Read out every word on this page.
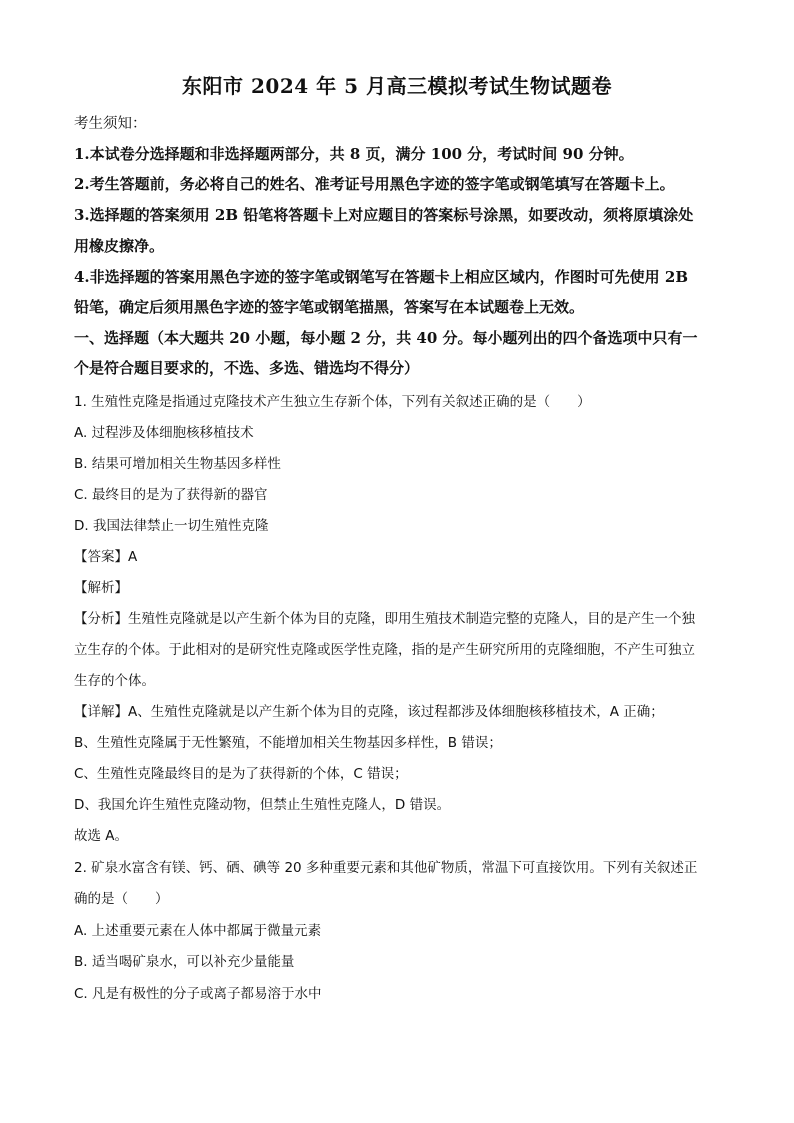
东阳市 2024 年 5 月高三模拟考试生物试题卷
考生须知：
1.本试卷分选择题和非选择题两部分，共 8 页，满分 100 分，考试时间 90 分钟。
2.考生答题前，务必将自己的姓名、准考证号用黑色字迹的签字笔或钢笔填写在答题卡上。
3.选择题的答案须用 2B 铅笔将答题卡上对应题目的答案标号涂黑，如要改动，须将原填涂处
用橡皮擦净。
4.非选择题的答案用黑色字迹的签字笔或钢笔写在答题卡上相应区域内，作图时可先使用 2B
铅笔，确定后须用黑色字迹的签字笔或钢笔描黑，答案写在本试题卷上无效。
一、选择题（本大题共 20 小题，每小题 2 分，共 40 分。每小题列出的四个备选项中只有一
个是符合题目要求的，不选、多选、错选均不得分）
1. 生殖性克隆是指通过克隆技术产生独立生存新个体，下列有关叙述正确的是（　　）
A. 过程涉及体细胞核移植技术
B. 结果可增加相关生物基因多样性
C. 最终目的是为了获得新的器官
D. 我国法律禁止一切生殖性克隆
【答案】A
【解析】
【分析】生殖性克隆就是以产生新个体为目的克隆，即用生殖技术制造完整的克隆人，目的是产生一个独
立生存的个体。于此相对的是研究性克隆或医学性克隆，指的是产生研究所用的克隆细胞，不产生可独立
生存的个体。
【详解】A、生殖性克隆就是以产生新个体为目的克隆，该过程都涉及体细胞核移植技术，A 正确；
B、生殖性克隆属于无性繁殖，不能增加相关生物基因多样性，B 错误；
C、生殖性克隆最终目的是为了获得新的个体，C 错误；
D、我国允许生殖性克隆动物，但禁止生殖性克隆人，D 错误。
故选 A。
2. 矿泉水富含有镁、钙、硒、碘等 20 多种重要元素和其他矿物质，常温下可直接饮用。下列有关叙述正
确的是（　　）
A. 上述重要元素在人体中都属于微量元素
B. 适当喝矿泉水，可以补充少量能量
C. 凡是有极性的分子或离子都易溶于水中
